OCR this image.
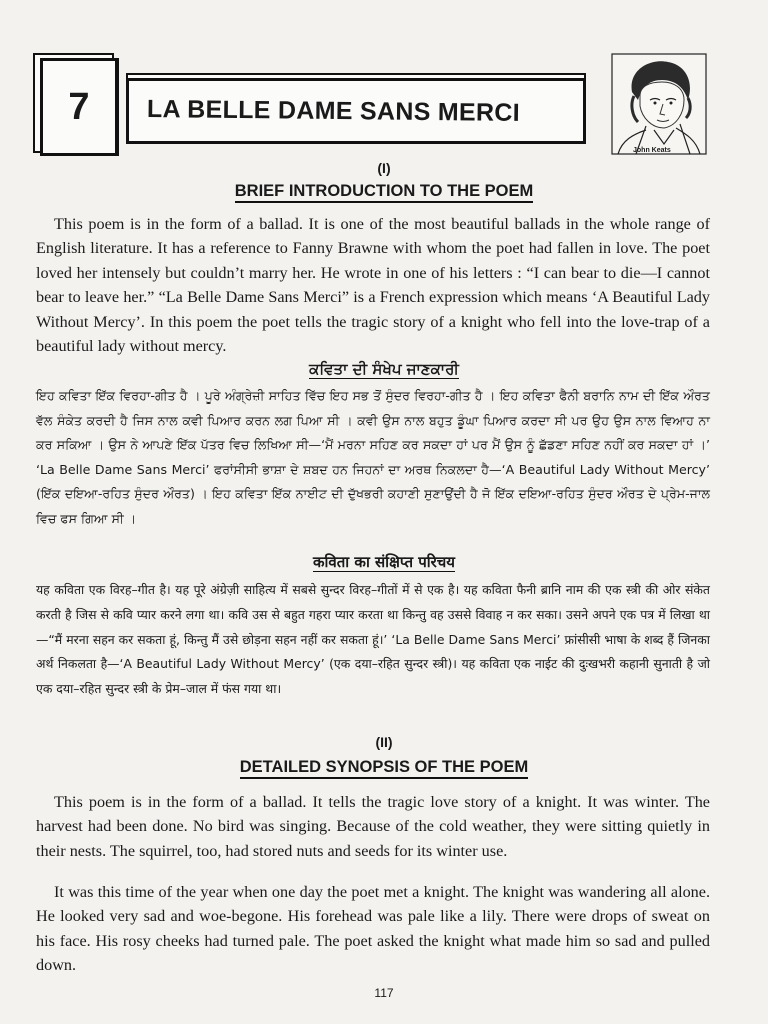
7 LA BELLE DAME SANS MERCI
John Keats
(I)
BRIEF INTRODUCTION TO THE POEM

This poem is in the form of a ballad. It is one of the most beautiful ballads in the whole range of English literature. It has a reference to Fanny Brawne with whom the poet had fallen in love. The poet loved her intensely but couldn’t marry her. He wrote in one of his letters : “I can bear to die—I cannot bear to leave her.” “La Belle Dame Sans Merci” is a French expression which means ‘A Beautiful Lady Without Mercy’. In this poem the poet tells the tragic story of a knight who fell into the love-trap of a beautiful lady without mercy.

ਕਵਿਤਾ ਦੀ ਸੰਖੇਪ ਜਾਣਕਾਰੀ

ਇਹ ਕਵਿਤਾ ਇੱਕ ਵਿਰਹਾ-ਗੀਤ ਹੈ । ਪੂਰੇ ਅੰਗ੍ਰੇਜ਼ੀ ਸਾਹਿਤ ਵਿੱਚ ਇਹ ਸਭ ਤੋਂ ਸੁੰਦਰ ਵਿਰਹਾ-ਗੀਤ ਹੈ । ਇਹ ਕਵਿਤਾ ਫੈਨੀ ਬਰਾਨਿ ਨਾਮ ਦੀ ਇੱਕ ਔਰਤ ਵੱਲ ਸੰਕੇਤ ਕਰਦੀ ਹੈ ਜਿਸ ਨਾਲ ਕਵੀ ਪਿਆਰ ਕਰਨ ਲਗ ਪਿਆ ਸੀ । ਕਵੀ ਉਸ ਨਾਲ ਬਹੁਤ ਡੂੰਘਾ ਪਿਆਰ ਕਰਦਾ ਸੀ ਪਰ ਉਹ ਉਸ ਨਾਲ ਵਿਆਹ ਨਾ ਕਰ ਸਕਿਆ । ਉਸ ਨੇ ਆਪਣੇ ਇੱਕ ਪੱਤਰ ਵਿਚ ਲਿਖਿਆ ਸੀ—‘ਮੈਂ ਮਰਨਾ ਸਹਿਣ ਕਰ ਸਕਦਾ ਹਾਂ ਪਰ ਮੈਂ ਉਸ ਨੂੰ ਛੱਡਣਾ ਸਹਿਣ ਨਹੀਂ ਕਰ ਸਕਦਾ ਹਾਂ ।’ ‘La Belle Dame Sans Merci’ ਫਰਾਂਸੀਸੀ ਭਾਸ਼ਾ ਦੇ ਸ਼ਬਦ ਹਨ ਜਿਹਨਾਂ ਦਾ ਅਰਥ ਨਿਕਲਦਾ ਹੈ—‘A Beautiful Lady Without Mercy’ (ਇੱਕ ਦਇਆ-ਰਹਿਤ ਸੁੰਦਰ ਔਰਤ) । ਇਹ ਕਵਿਤਾ ਇੱਕ ਨਾਈਟ ਦੀ ਦੁੱਖਭਰੀ ਕਹਾਣੀ ਸੁਣਾਉਂਦੀ ਹੈ ਜੋ ਇੱਕ ਦਇਆ-ਰਹਿਤ ਸੁੰਦਰ ਔਰਤ ਦੇ ਪ੍ਰੇਮ-ਜਾਲ ਵਿਚ ਫਸ ਗਿਆ ਸੀ ।

कविता का संक्षिप्त परिचय

यह कविता एक विरह–गीत है। यह पूरे अंग्रेज़ी साहित्य में सबसे सुन्दर विरह–गीतों में से एक है। यह कविता फैनी ब्रानि नाम की एक स्त्री की ओर संकेत करती है जिस से कवि प्यार करने लगा था। कवि उस से बहुत गहरा प्यार करता था किन्तु वह उससे विवाह न कर सका। उसने अपने एक पत्र में लिखा था—“मैं मरना सहन कर सकता हूं, किन्तु मैं उसे छोड़ना सहन नहीं कर सकता हूं।’ ‘La Belle Dame Sans Merci’ फ्रांसीसी भाषा के शब्द हैं जिनका अर्थ निकलता है—‘A Beautiful Lady Without Mercy’ (एक दया–रहित सुन्दर स्त्री)। यह कविता एक नाईट की दुःखभरी कहानी सुनाती है जो एक दया–रहित सुन्दर स्त्री के प्रेम–जाल में फंस गया था।

(II)
DETAILED SYNOPSIS OF THE POEM

This poem is in the form of a ballad. It tells the tragic love story of a knight. It was winter. The harvest had been done. No bird was singing. Because of the cold weather, they were sitting quietly in their nests. The squirrel, too, had stored nuts and seeds for its winter use.

It was this time of the year when one day the poet met a knight. The knight was wandering all alone. He looked very sad and woe-begone. His forehead was pale like a lily. There were drops of sweat on his face. His rosy cheeks had turned pale. The poet asked the knight what made him so sad and pulled down.

117
